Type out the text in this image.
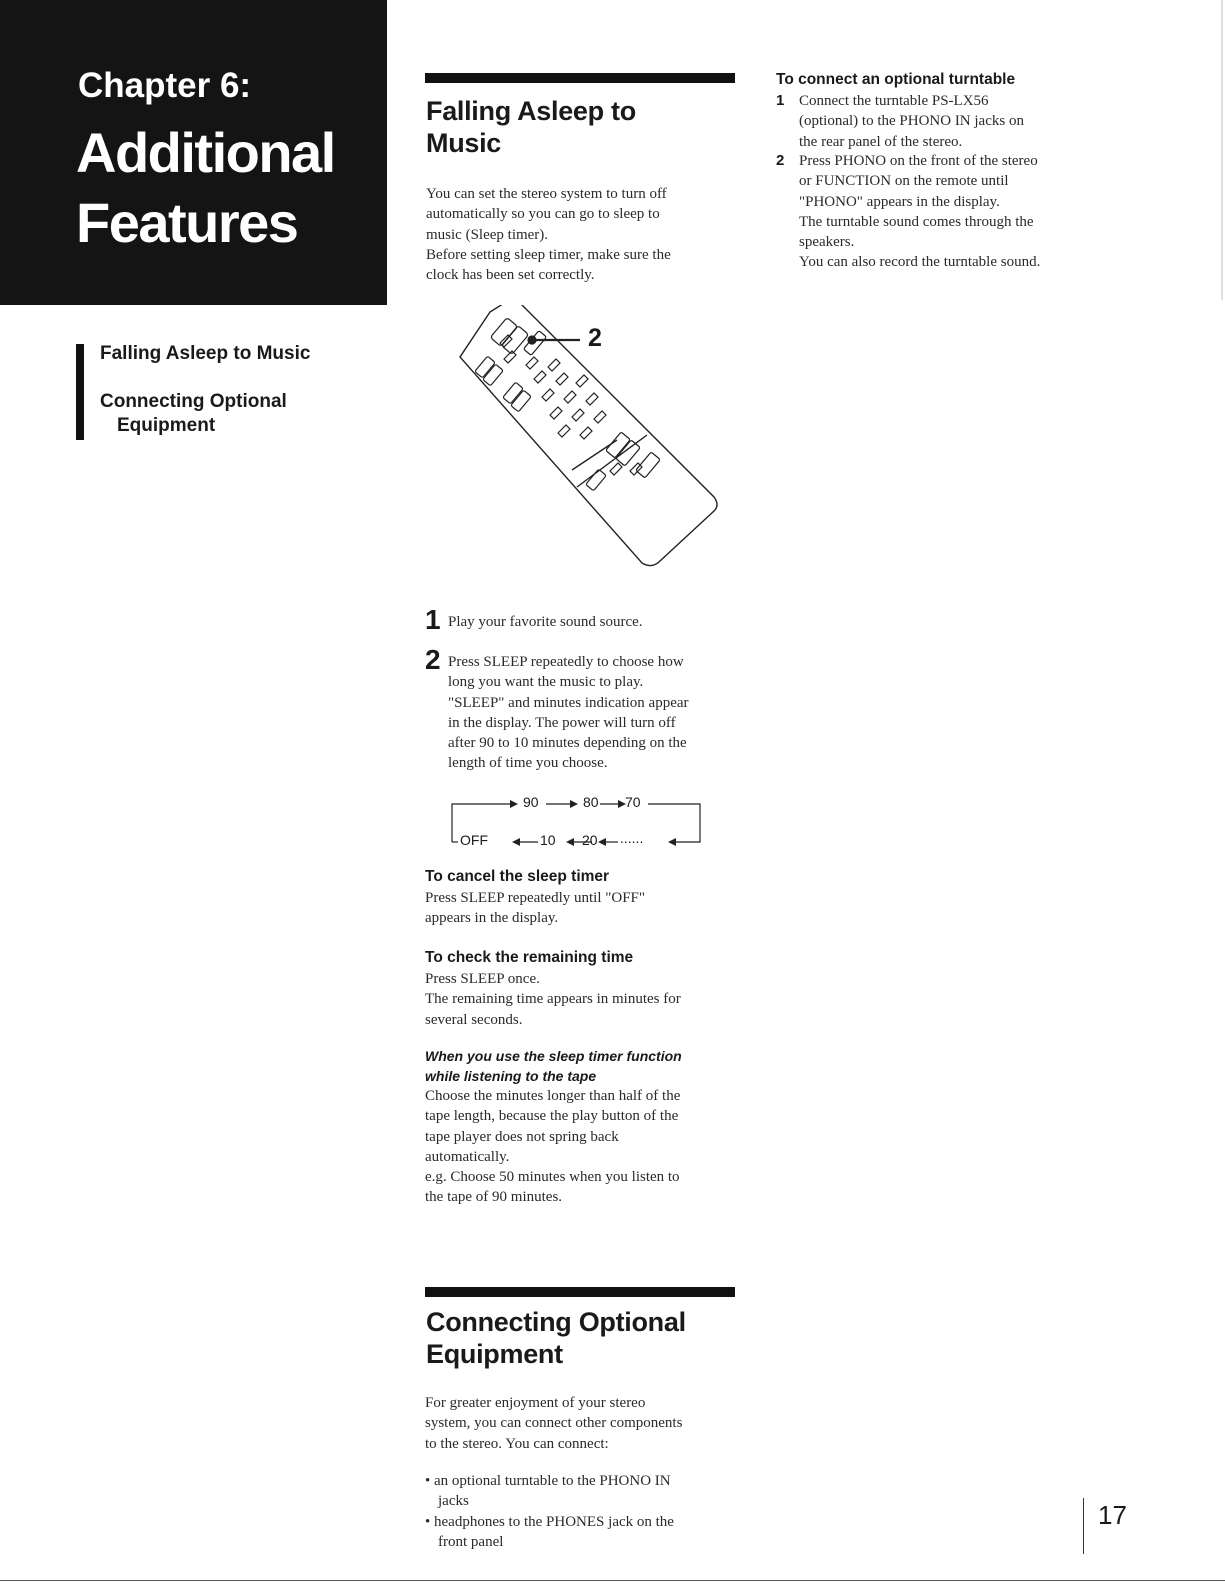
Chapter 6:
Additional
Features
Falling Asleep to Music
Connecting Optional
Equipment
Falling Asleep to
Music
You can set the stereo system to turn off
automatically so you can go to sleep to
music (Sleep timer).
Before setting sleep timer, make sure the
clock has been set correctly.
2
1 Play your favorite sound source.
2 Press SLEEP repeatedly to choose how
long you want the music to play.
"SLEEP" and minutes indication appear
in the display. The power will turn off
after 90 to 10 minutes depending on the
length of time you choose.
90	80 70
OFF	10 20 ......
To cancel the sleep timer
Press SLEEP repeatedly until "OFF"
appears in the display.
To check the remaining time
Press SLEEP once.
The remaining time appears in minutes for
several seconds.
When you use the sleep timer function
while listening to the tape
Choose the minutes longer than half of the
tape length, because the play button of the
tape player does not spring back
automatically.
e.g. Choose 50 minutes when you listen to
the tape of 90 minutes.
Connecting Optional
Equipment
For greater enjoyment of your stereo
system, you can connect other components
to the stereo. You can connect:
• an optional turntable to the PHONO IN
jacks
• headphones to the PHONES jack on the
front panel
To connect an optional turntable
1 Connect the turntable PS-LX56
(optional) to the PHONO IN jacks on
the rear panel of the stereo.
2 Press PHONO on the front of the stereo
or FUNCTION on the remote until
"PHONO" appears in the display.
The turntable sound comes through the
speakers.
You can also record the turntable sound.
17
